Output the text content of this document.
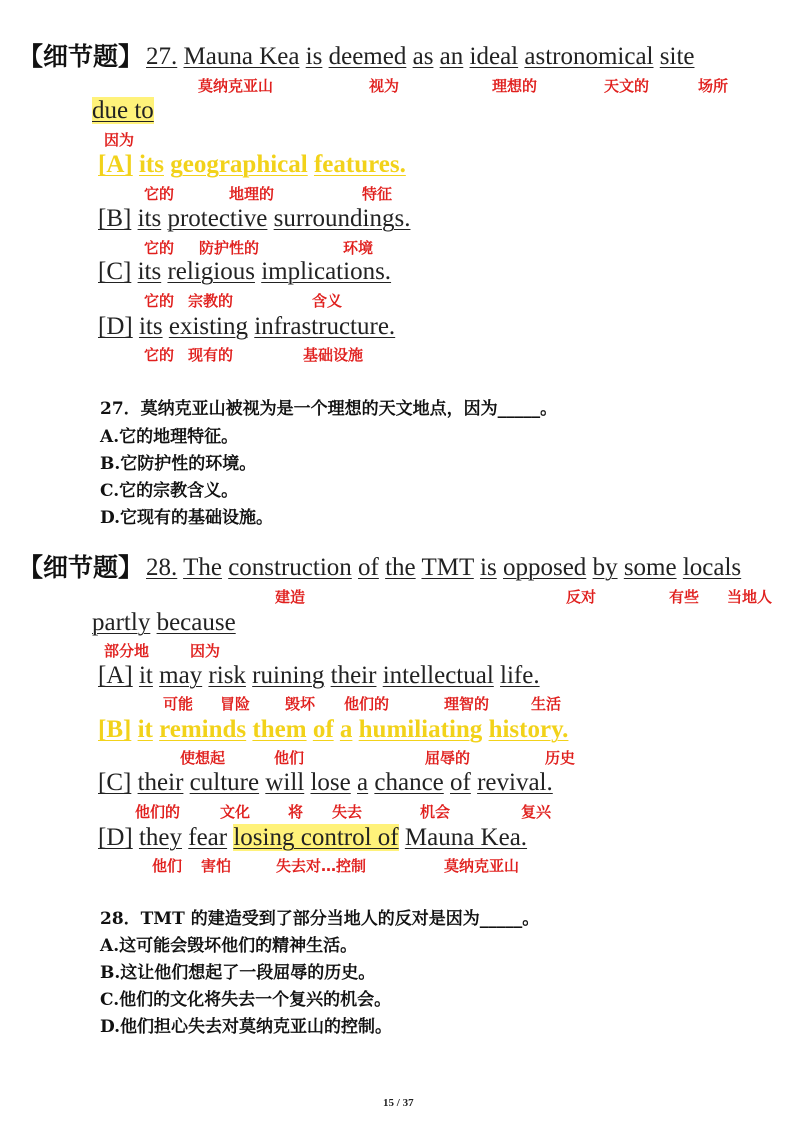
【细节题】 27. Mauna Kea is deemed as an ideal astronomical site
莫纳克亚山	视为	理想的	天文的	场所
due to
因为
[A] its geographical features.
它的	地理的	特征
[B] its protective surroundings.
它的 防护性的	环境
[C] its religious implications.
它的 宗教的	含义
[D] its existing infrastructure.
它的 现有的	基础设施
27．莫纳克亚山被视为是一个理想的天文地点，因为_____。
A.它的地理特征。
B.它防护性的环境。
C.它的宗教含义。
D.它现有的基础设施。
【细节题】 28. The construction of the TMT is opposed by some locals
建造	反对	有些 当地人
partly because
部分地	因为
[A] it may risk ruining their intellectual life.
可能 冒险 毁坏 他们的	理智的	生活
[B] it reminds them of a humiliating history.
使想起	他们	屈辱的	历史
[C] their culture will lose a chance of revival.
他们的	文化	将 失去	机会	复兴
[D] they fear losing control of Mauna Kea.
他们 害怕	失去对…控制	莫纳克亚山
28．TMT 的建造受到了部分当地人的反对是因为_____。
A.这可能会毁坏他们的精神生活。
B.这让他们想起了一段屈辱的历史。
C.他们的文化将失去一个复兴的机会。
D.他们担心失去对莫纳克亚山的控制。
15 / 37
